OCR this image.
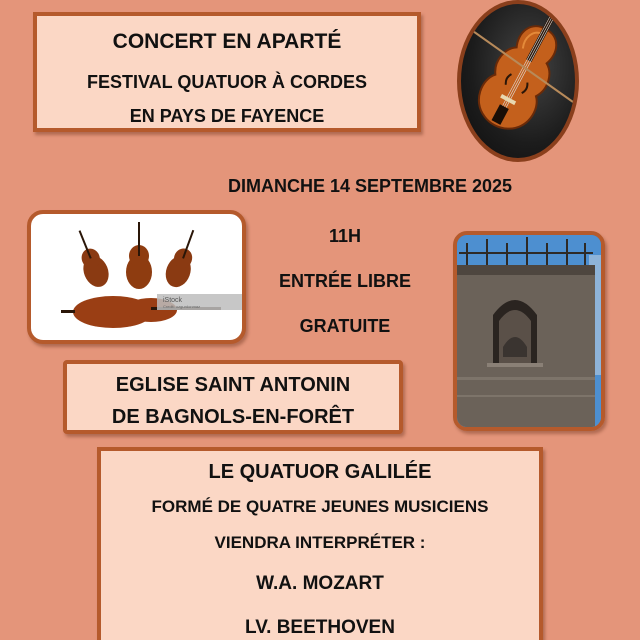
CONCERT EN APARTÉ
FESTIVAL QUATUOR À CORDES
EN PAYS DE FAYENCE
DIMANCHE 14 SEPTEMBRE 2025
11H
ENTRÉE LIBRE
GRATUITE
iStock
Credit: ozgurdonmaz
EGLISE SAINT ANTONIN
DE BAGNOLS-EN-FORÊT
LE QUATUOR GALILÉE
FORMÉ DE QUATRE JEUNES MUSICIENS
VIENDRA INTERPRÉTER :
W.A. MOZART
LV. BEETHOVEN
